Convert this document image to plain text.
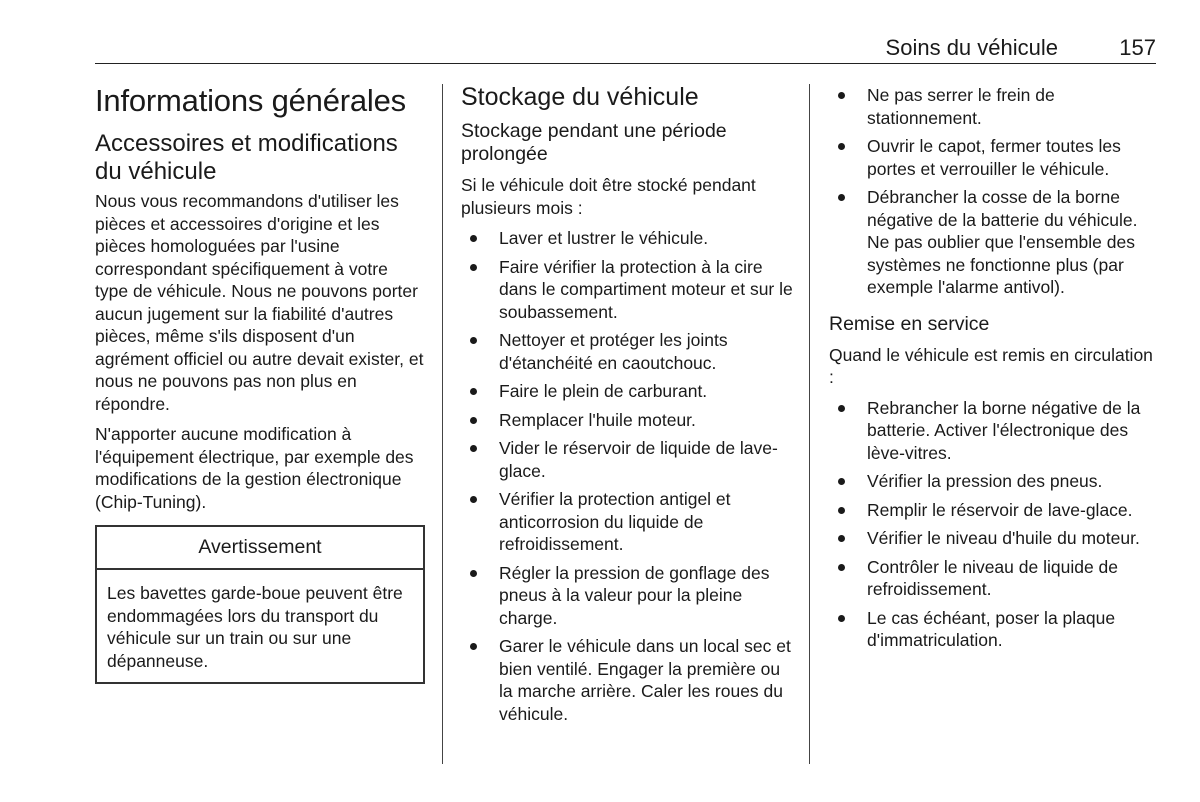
Soins du véhicule	157
Informations générales
Accessoires et modifications du véhicule
Nous vous recommandons d'utiliser les pièces et accessoires d'origine et les pièces homologuées par l'usine correspondant spécifiquement à votre type de véhicule. Nous ne pouvons porter aucun jugement sur la fiabilité d'autres pièces, même s'ils disposent d'un agrément officiel ou autre devait exister, et nous ne pouvons pas non plus en répondre.
N'apporter aucune modification à l'équipement électrique, par exemple des modifications de la gestion électronique (Chip-Tuning).
Avertissement
Les bavettes garde-boue peuvent être endommagées lors du transport du véhicule sur un train ou sur une dépanneuse.
Stockage du véhicule
Stockage pendant une période prolongée
Si le véhicule doit être stocké pendant plusieurs mois :
Laver et lustrer le véhicule.
Faire vérifier la protection à la cire dans le compartiment moteur et sur le soubassement.
Nettoyer et protéger les joints d'étanchéité en caoutchouc.
Faire le plein de carburant.
Remplacer l'huile moteur.
Vider le réservoir de liquide de lave-glace.
Vérifier la protection antigel et anticorrosion du liquide de refroidissement.
Régler la pression de gonflage des pneus à la valeur pour la pleine charge.
Garer le véhicule dans un local sec et bien ventilé. Engager la première ou la marche arrière. Caler les roues du véhicule.
Ne pas serrer le frein de stationnement.
Ouvrir le capot, fermer toutes les portes et verrouiller le véhicule.
Débrancher la cosse de la borne négative de la batterie du véhicule. Ne pas oublier que l'ensemble des systèmes ne fonctionne plus (par exemple l'alarme antivol).
Remise en service
Quand le véhicule est remis en circulation :
Rebrancher la borne négative de la batterie. Activer l'électronique des lève-vitres.
Vérifier la pression des pneus.
Remplir le réservoir de lave-glace.
Vérifier le niveau d'huile du moteur.
Contrôler le niveau de liquide de refroidissement.
Le cas échéant, poser la plaque d'immatriculation.
